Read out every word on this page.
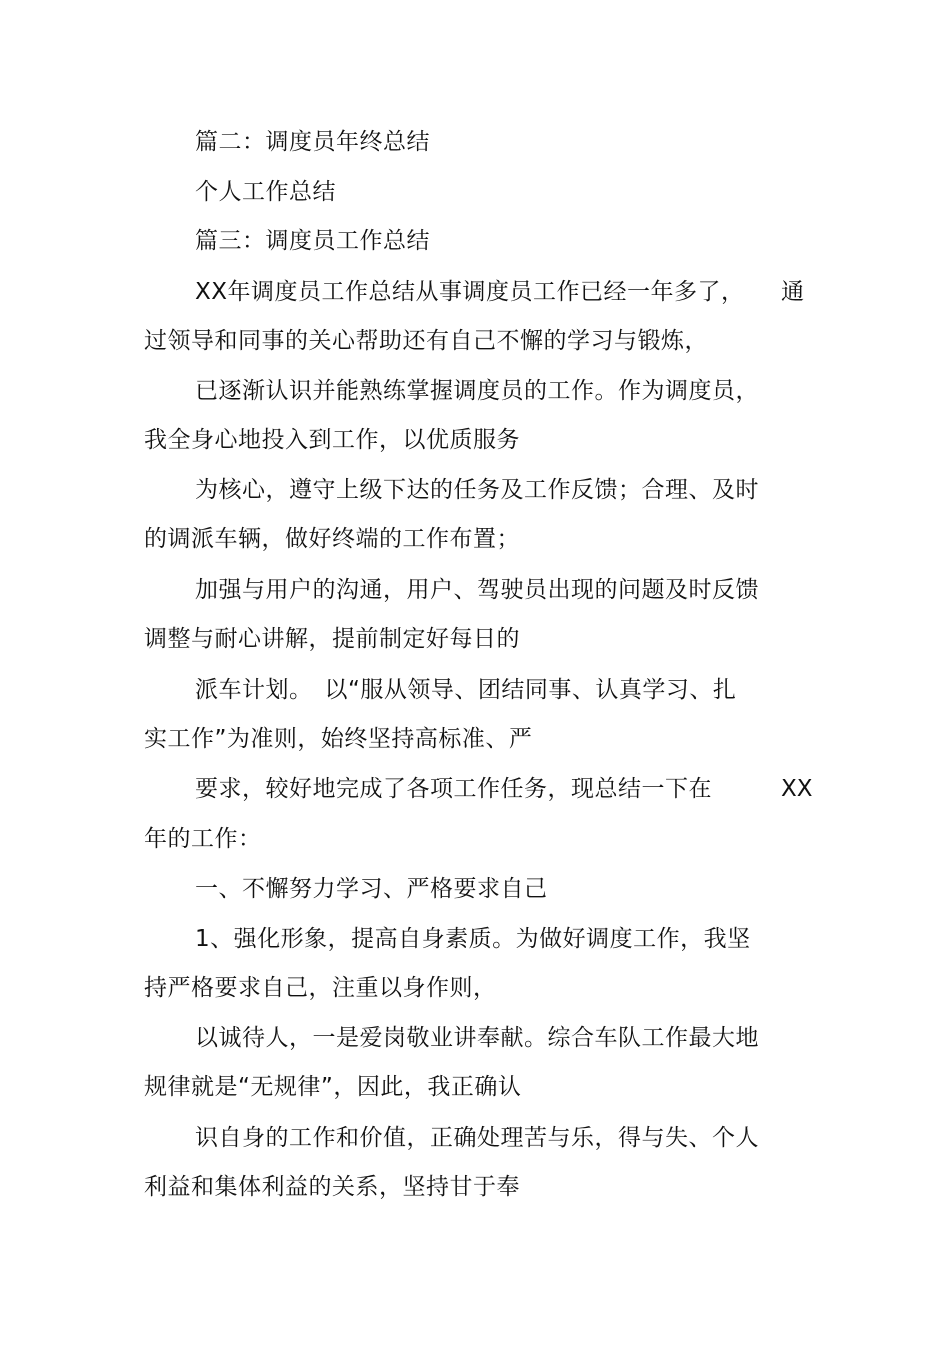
篇二：调度员年终总结
个人工作总结
篇三：调度员工作总结
XX年调度员工作总结从事调度员工作已经一年多了， 通
过领导和同事的关心帮助还有自己不懈的学习与锻炼，
已逐渐认识并能熟练掌握调度员的工作。作为调度员，
我全身心地投入到工作，以优质服务
为核心，遵守上级下达的任务及工作反馈；合理、及时
的调派车辆，做好终端的工作布置；
加强与用户的沟通，用户、驾驶员出现的问题及时反馈
调整与耐心讲解，提前制定好每日的
派车计划。　以“服从领导、团结同事、认真学习、扎
实工作”为准则，始终坚持高标准、严
要求，较好地完成了各项工作任务，现总结一下在	XX
年的工作：
一、不懈努力学习、严格要求自己
1、强化形象，提高自身素质。为做好调度工作，我坚
持严格要求自己，注重以身作则，
以诚待人，一是爱岗敬业讲奉献。综合车队工作最大地
规律就是“无规律”，因此，我正确认
识自身的工作和价值，正确处理苦与乐，得与失、个人
利益和集体利益的关系，坚持甘于奉
